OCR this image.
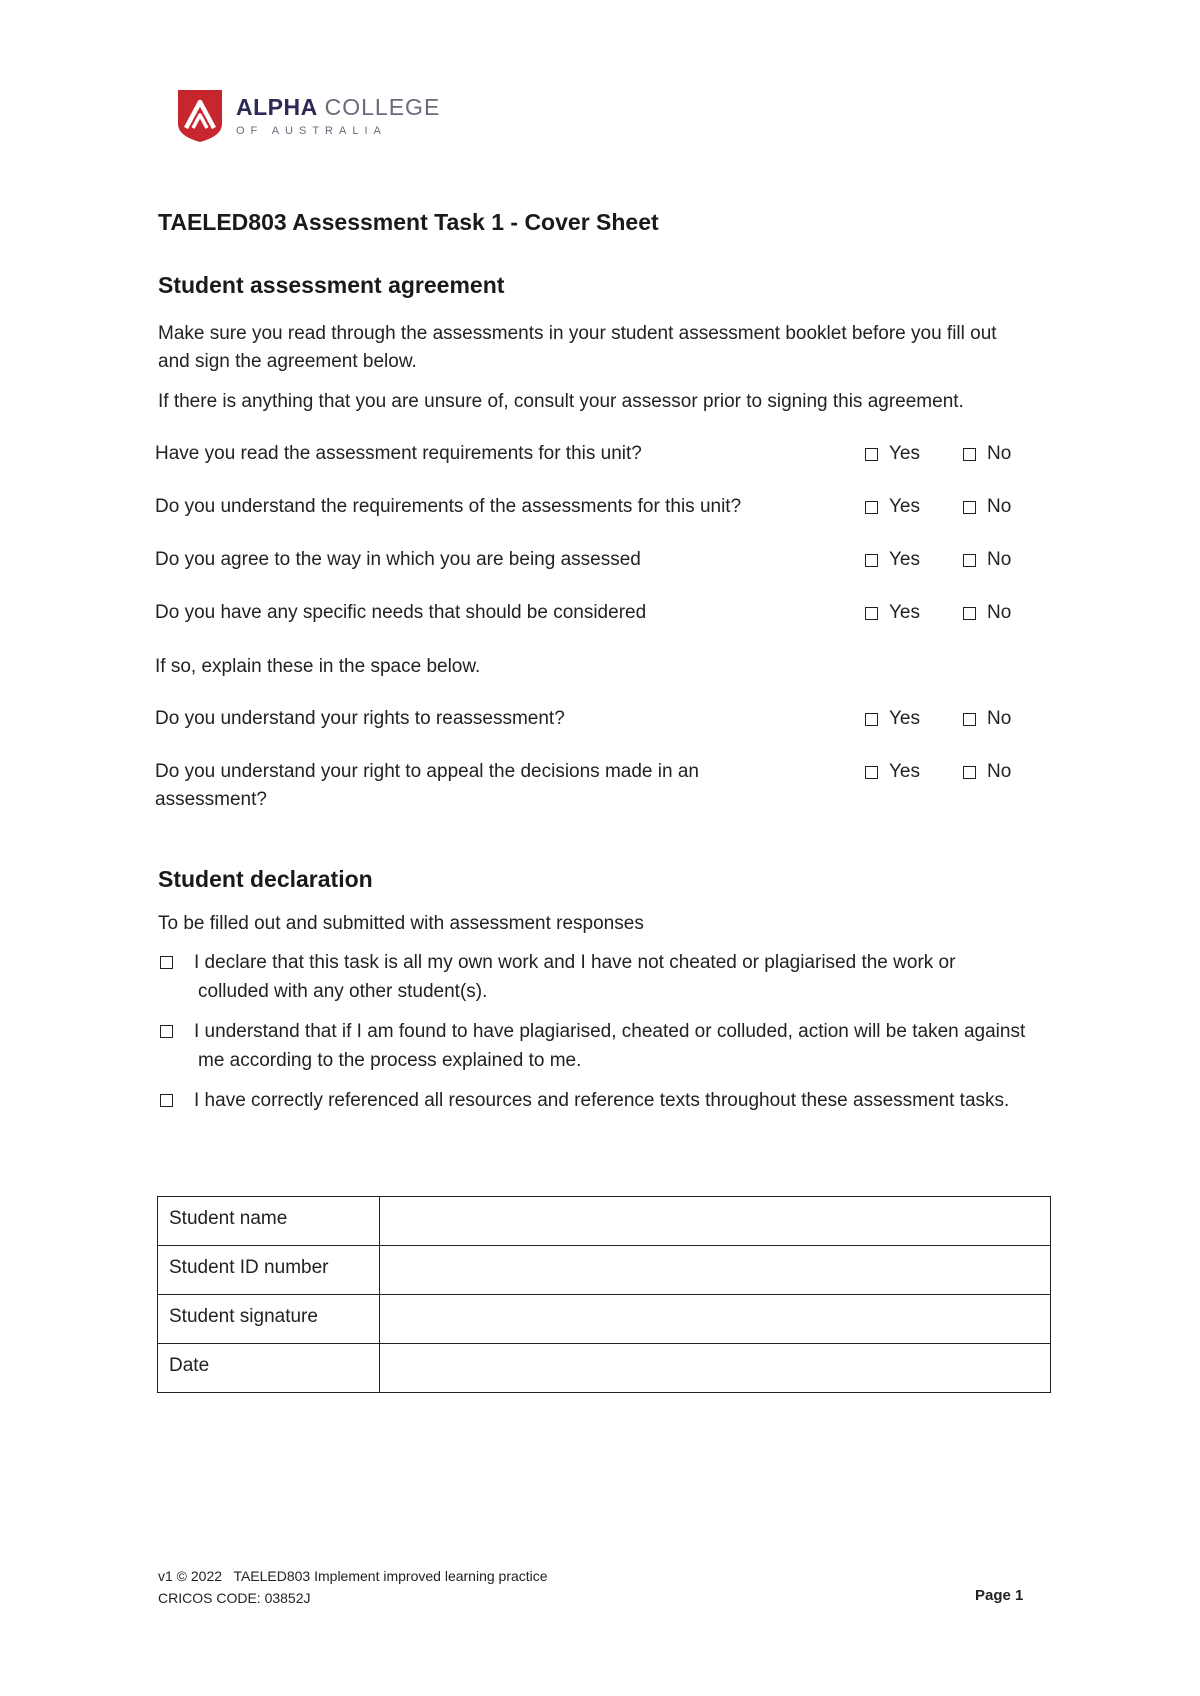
ALPHA COLLEGE
OF AUSTRALIA
TAELED803 Assessment Task 1 - Cover Sheet
Student assessment agreement

Make sure you read through the assessments in your student assessment booklet before you fill out and sign the agreement below.

If there is anything that you are unsure of, consult your assessor prior to signing this agreement.

Have you read the assessment requirements for this unit?	Yes	No
Do you understand the requirements of the assessments for this unit?	Yes	No
Do you agree to the way in which you are being assessed	Yes	No
Do you have any specific needs that should be considered	Yes	No
If so, explain these in the space below.
Do you understand your rights to reassessment?	Yes	No
Do you understand your right to appeal the decisions made in an assessment?
Yes	No
Student declaration

To be filled out and submitted with assessment responses

I declare that this task is all my own work and I have not cheated or plagiarised the work or colluded with any other student(s).
I understand that if I am found to have plagiarised, cheated or colluded, action will be taken against me according to the process explained to me.
I have correctly referenced all resources and reference texts throughout these assessment tasks.
Student name	
Student ID number	
Student signature	
Date	
v1 © 2022   TAELED803 Implement improved learning practice
CRICOS CODE: 03852J	Page 1
